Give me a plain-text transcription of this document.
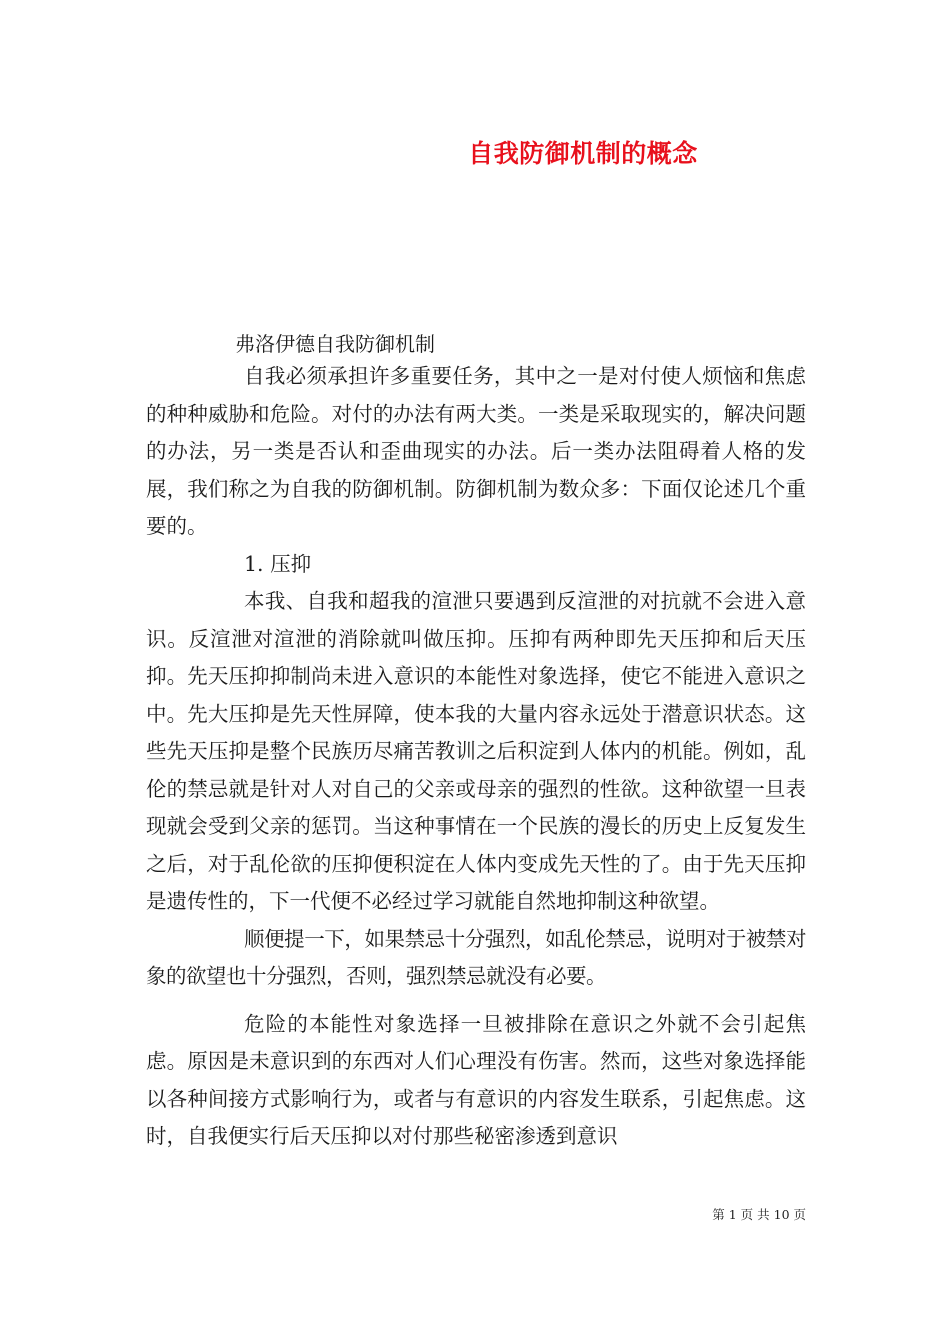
自我防御机制的概念
弗洛伊德自我防御机制

自我必须承担许多重要任务，其中之一是对付使人烦恼和焦虑的种种威胁和危险。对付的办法有两大类。一类是采取现实的，解决问题的办法，另一类是否认和歪曲现实的办法。后一类办法阻碍着人格的发展，我们称之为自我的防御机制。防御机制为数众多：下面仅论述几个重要的。

1. 压抑

本我、自我和超我的渲泄只要遇到反渲泄的对抗就不会进入意识。反渲泄对渲泄的消除就叫做压抑。压抑有两种即先天压抑和后天压抑。先天压抑抑制尚未进入意识的本能性对象选择，使它不能进入意识之中。先大压抑是先天性屏障，使本我的大量内容永远处于潜意识状态。这些先天压抑是整个民族历尽痛苦教训之后积淀到人体内的机能。例如，乱伦的禁忌就是针对人对自己的父亲或母亲的强烈的性欲。这种欲望一旦表现就会受到父亲的惩罚。当这种事情在一个民族的漫长的历史上反复发生之后，对于乱伦欲的压抑便积淀在人体内变成先天性的了。由于先天压抑是遗传性的，下一代便不必经过学习就能自然地抑制这种欲望。

顺便提一下，如果禁忌十分强烈，如乱伦禁忌，说明对于被禁对象的欲望也十分强烈，否则，强烈禁忌就没有必要。

危险的本能性对象选择一旦被排除在意识之外就不会引起焦虑。原因是未意识到的东西对人们心理没有伤害。然而，这些对象选择能以各种间接方式影响行为，或者与有意识的内容发生联系，引起焦虑。这时，自我便实行后天压抑以对付那些秘密渗透到意识

第 1 页 共 10 页
